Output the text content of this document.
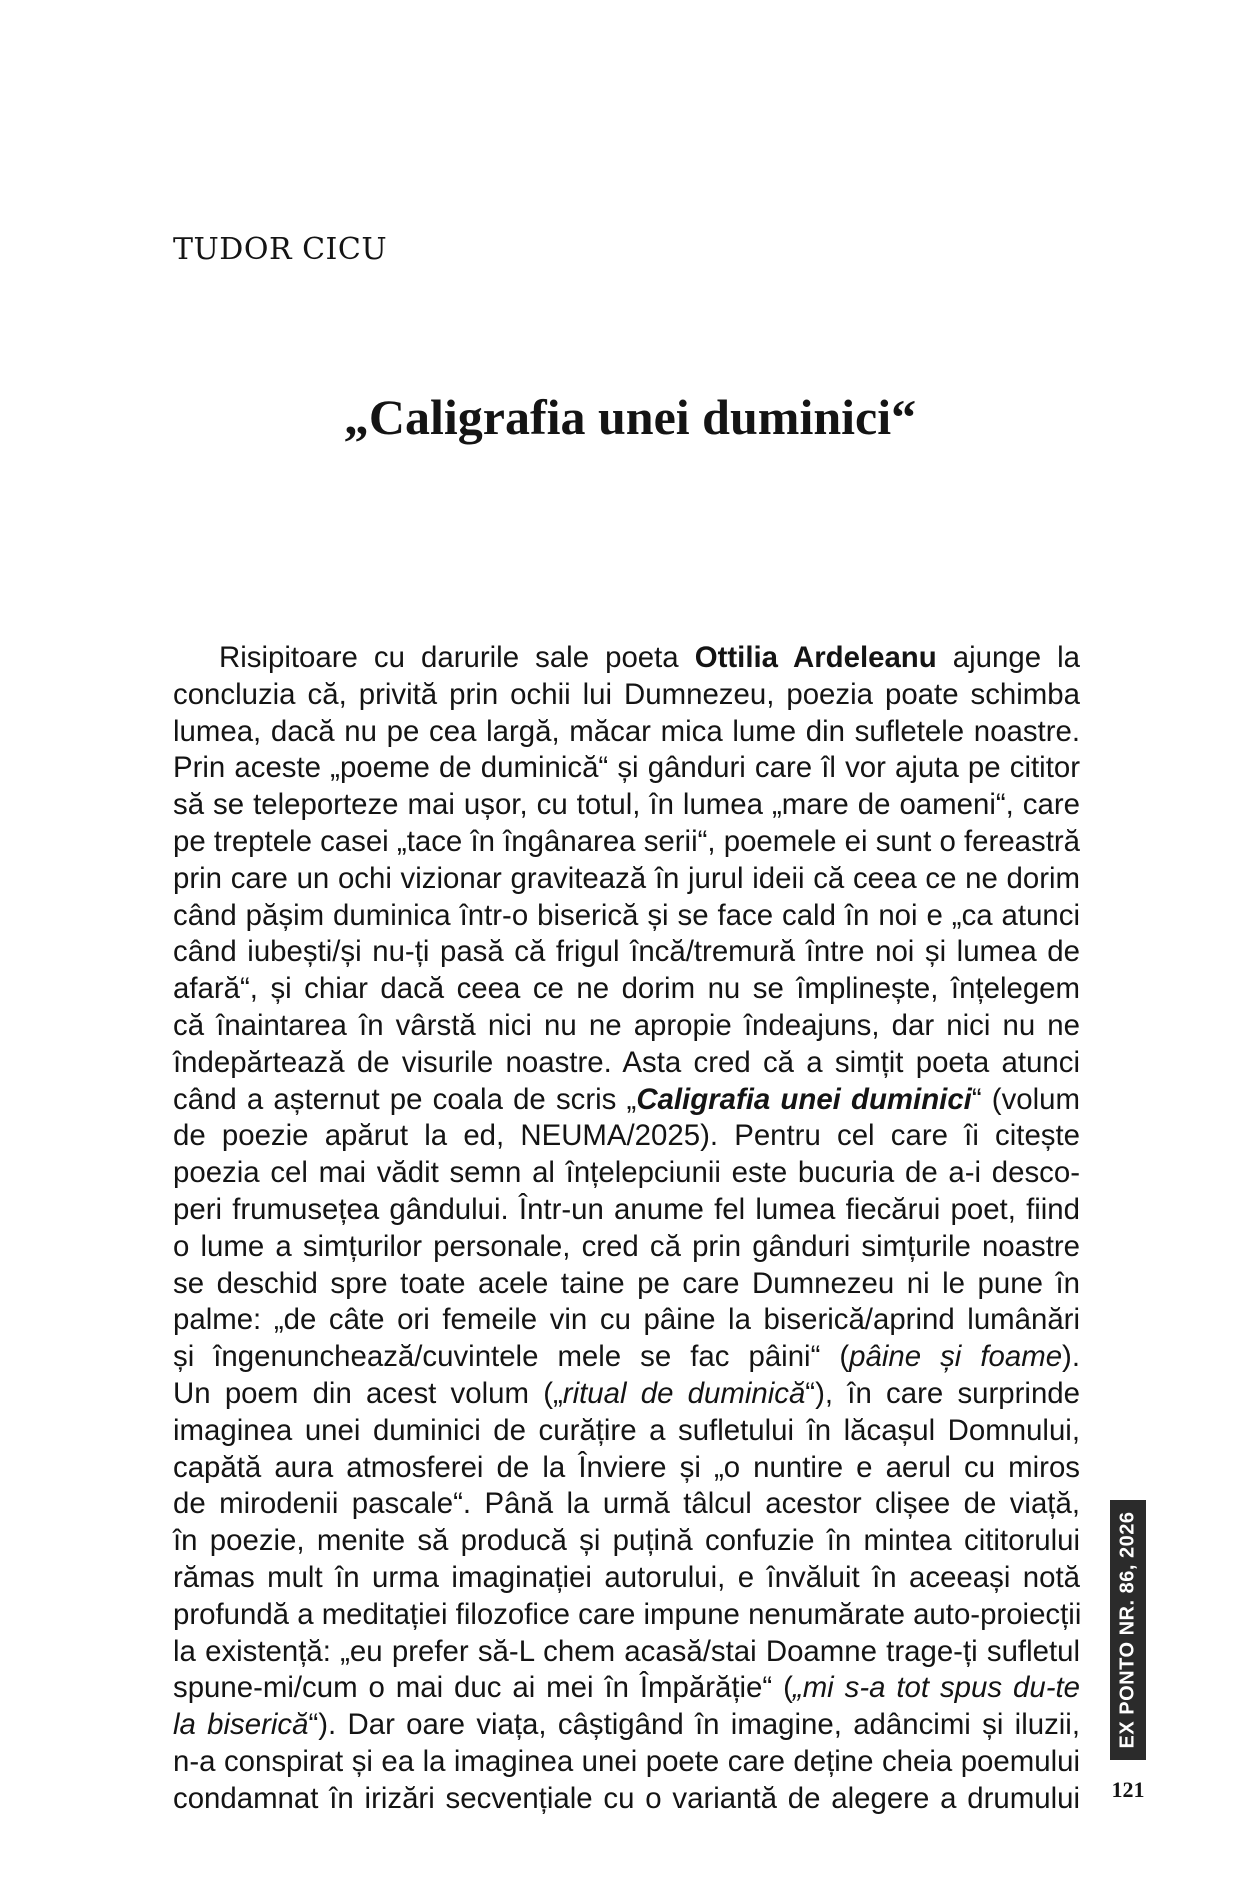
TUDOR CICU
„Caligrafia unei duminici“
Risipitoare cu darurile sale poeta Ottilia Ardeleanu ajunge la
concluzia că, privită prin ochii lui Dumnezeu, poezia poate schimba
lumea, dacă nu pe cea largă, măcar mica lume din sufletele noastre.
Prin aceste „poeme de duminică“ și gânduri care îl vor ajuta pe cititor
să se teleporteze mai ușor, cu totul, în lumea „mare de oameni“, care
pe treptele casei „tace în îngânarea serii“, poemele ei sunt o fereastră
prin care un ochi vizionar gravitează în jurul ideii că ceea ce ne dorim
când pășim duminica într-o biserică și se face cald în noi e „ca atunci
când iubești/și nu-ți pasă că frigul încă/tremură între noi și lumea de
afară“, și chiar dacă ceea ce ne dorim nu se împlinește, înțelegem
că înaintarea în vârstă nici nu ne apropie îndeajuns, dar nici nu ne
îndepărtează de visurile noastre. Asta cred că a simțit poeta atunci
când a așternut pe coala de scris „Caligrafia unei duminici“ (volum
de poezie apărut la ed, NEUMA/2025). Pentru cel care îi citește
poezia cel mai vădit semn al înțelepciunii este bucuria de a-i desco-
peri frumusețea gândului. Într-un anume fel lumea fiecărui poet, fiind
o lume a simțurilor personale, cred că prin gânduri simțurile noastre
se deschid spre toate acele taine pe care Dumnezeu ni le pune în
palme: „de câte ori femeile vin cu pâine la biserică/aprind lumânări
și îngenunchează/cuvintele mele se fac pâini“ (pâine și foame).
Un poem din acest volum („ritual de duminică“), în care surprinde
imaginea unei duminici de curățire a sufletului în lăcașul Domnului,
capătă aura atmosferei de la Înviere și „o nuntire e aerul cu miros
de mirodenii pascale“. Până la urmă tâlcul acestor clișee de viață,
în poezie, menite să producă și puțină confuzie în mintea cititorului
rămas mult în urma imaginației autorului, e învăluit în aceeași notă
profundă a meditației filozofice care impune nenumărate auto-proiecții
la existență: „eu prefer să-L chem acasă/stai Doamne trage-ți sufletul
spune-mi/cum o mai duc ai mei în Împărăție“ („mi s-a tot spus du-te
la biserică“). Dar oare viața, câștigând în imagine, adâncimi și iluzii,
n-a conspirat și ea la imaginea unei poete care deține cheia poemului
condamnat în irizări secvențiale cu o variantă de alegere a drumului
EX PONTO NR. 86, 2026
121
